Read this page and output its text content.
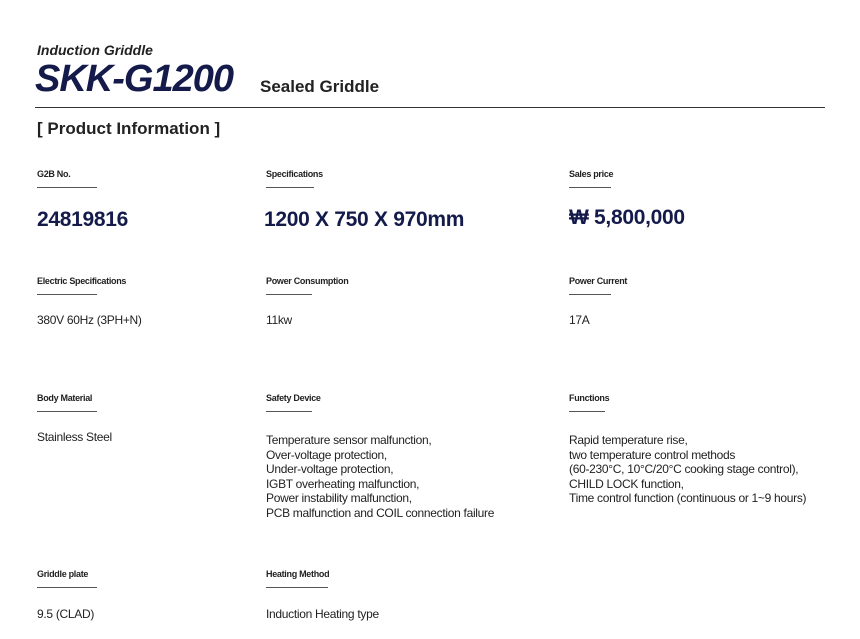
Induction Griddle
SKK-G1200 Sealed Griddle
[ Product Information ]
G2B No.
24819816
Specifications
1200 X 750 X 970mm
Sales price
₩ 5,800,000
Electric Specifications
380V 60Hz (3PH+N)
Power Consumption
11kw
Power Current
17A
Body Material
Stainless Steel
Safety Device
Temperature sensor malfunction,
Over-voltage protection,
Under-voltage protection,
IGBT overheating malfunction,
Power instability malfunction,
PCB malfunction and COIL connection failure
Functions
Rapid temperature rise,
two temperature control methods
(60-230°C, 10°C/20°C cooking stage control),
CHILD LOCK function,
Time control function (continuous or 1~9 hours)
Griddle plate
9.5 (CLAD)
Heating Method
Induction Heating type
